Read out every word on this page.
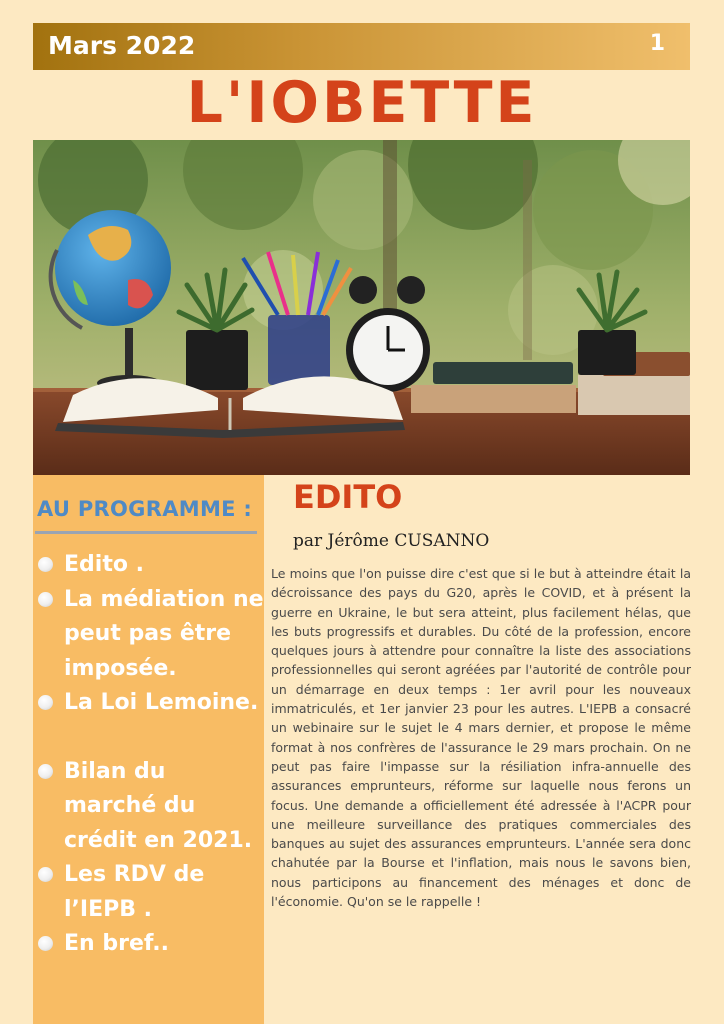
Mars 2022	1
L'IOBETTE
AU PROGRAMME :
Edito .
La médiation ne peut pas être imposée.
La Loi Lemoine.
Bilan du marché du crédit en 2021.
Les RDV de l’IEPB .
En bref..
EDITO
par Jérôme CUSANNO

Le moins que l'on puisse dire c'est que si le but à atteindre était la décroissance des pays du G20, après le COVID, et à présent la guerre en Ukraine, le but sera atteint, plus facilement hélas, que les buts progressifs et durables. Du côté de la profession, encore quelques jours à attendre pour connaître la liste des associations professionnelles qui seront agréées par l'autorité de contrôle pour un démarrage en deux temps : 1er avril pour les nouveaux immatriculés, et 1er janvier 23 pour les autres. L'IEPB a consacré un webinaire sur le sujet le 4 mars dernier, et propose le même format à nos confrères de l'assurance le 29 mars prochain. On ne peut pas faire l'impasse sur la résiliation infra-annuelle des assurances emprunteurs, réforme sur laquelle nous ferons un focus. Une demande a officiellement été adressée à l'ACPR pour une meilleure surveillance des pratiques commerciales des banques au sujet des assurances emprunteurs. L'année sera donc chahutée par la Bourse et l'inflation, mais nous le savons bien, nous participons au financement des ménages et donc de l'économie. Qu'on se le rappelle !
